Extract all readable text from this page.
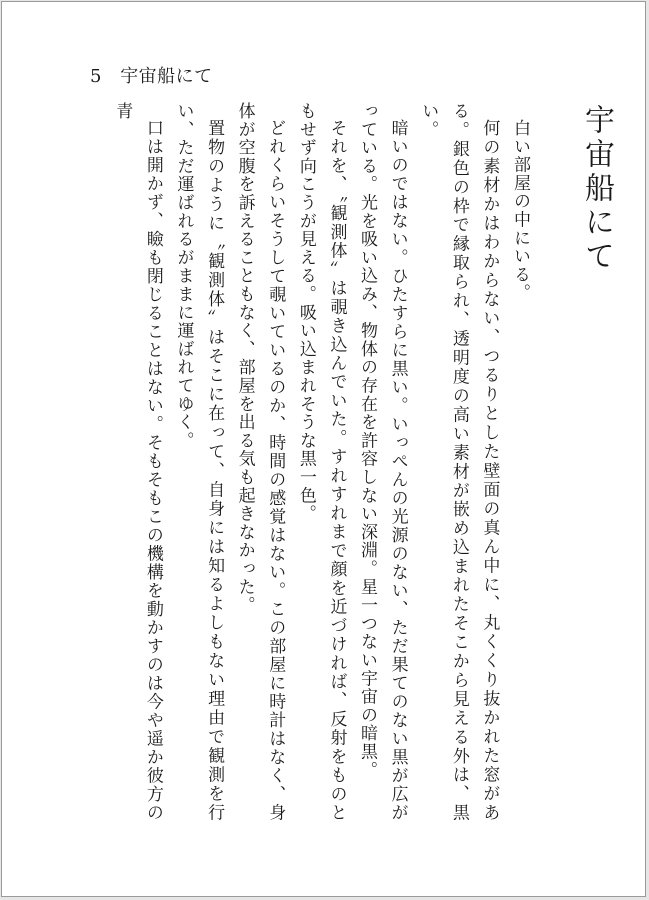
5 宇宙船にて
宇宙船にて

白い部屋の中にいる。

何の素材かはわからない、つるりとした壁面の真ん中に、丸くくり抜かれた窓がある。銀色の枠で縁取られ、透明度の高い素材が嵌め込まれたそこから見える外は、黒い。

暗いのではない。ひたすらに黒い。いっぺんの光源のない、ただ果てのない黒が広がっている。光を吸い込み、物体の存在を許容しない深淵。星一つない宇宙の暗黒。

それを、〝観測体〟は覗き込んでいた。すれすれまで顔を近づければ、反射をものともせず向こうが見える。吸い込まれそうな黒一色。

どれくらいそうして覗いているのか、時間の感覚はない。この部屋に時計はなく、身体が空腹を訴えることもなく、部屋を出る気も起きなかった。

置物のように〝観測体〟はそこに在って、自身には知るよしもない理由で観測を行い、ただ運ばれるがままに運ばれてゆく。

口は開かず、瞼も閉じることはない。そもそもこの機構を動かすのは今や遥か彼方の青
